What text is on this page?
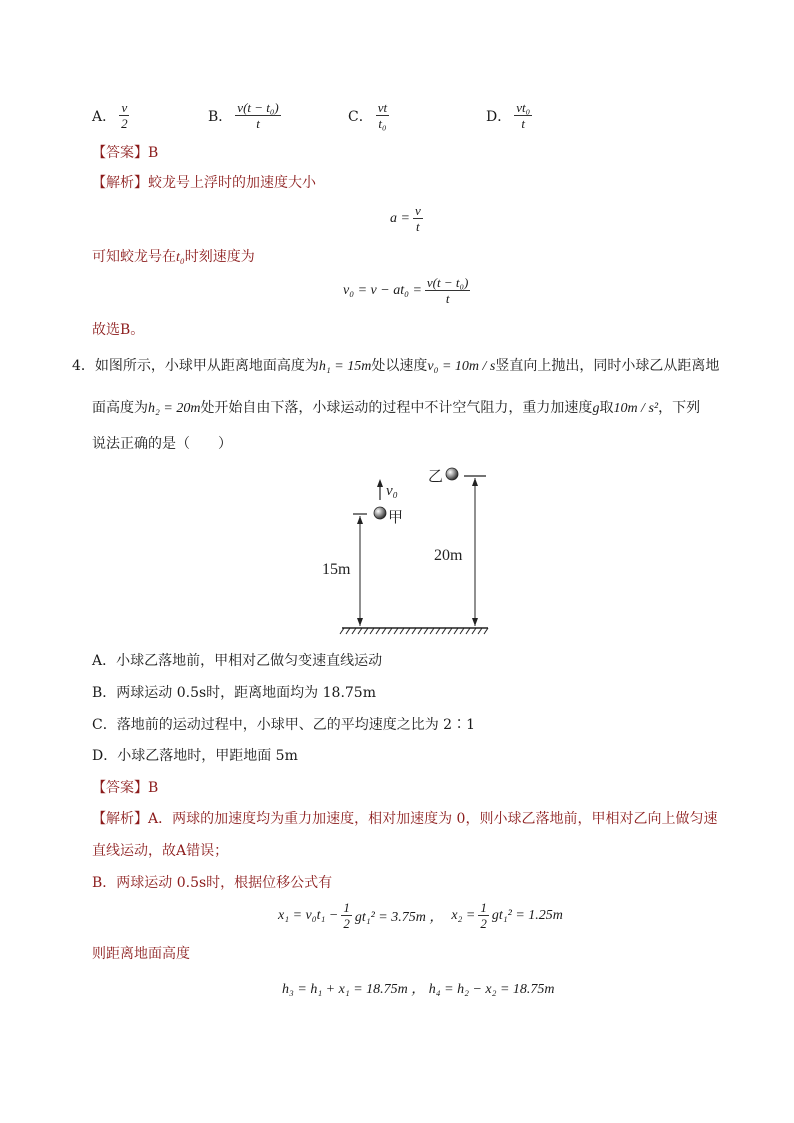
A． $\frac{v}{2}$	B． $\frac{\text{v(t − t₀)}}{t}$	C． $\frac{vt}{\text{t₀}}$	D． $\frac{\text{vt₀}}{t}$
【答案】B
【解析】蛟龙号上浮时的加速度大小
$a = \frac{v}{t}$
可知蛟龙号在t₀时刻速度为
$v_0 = v - at_0 = \frac{\text{v(t − t₀)}}{t}$
故选B。
4．如图所示，小球甲从距离地面高度为h₁ = 15m处以速度v₀ = 10m / s竖直向上抛出，同时小球乙从距离地
面高度为h₂ = 20m处开始自由下落，小球运动的过程中不计空气阻力，重力加速度g取10m / s²，下列
说法正确的是（　　）
乙
甲
v₀
15m
20m
A．小球乙落地前，甲相对乙做匀变速直线运动
B．两球运动 0.5s时，距离地面均为 18.75m
C．落地前的运动过程中，小球甲、乙的平均速度之比为 2∶1
D．小球乙落地时，甲距地面 5m
【答案】B
【解析】A．两球的加速度均为重力加速度，相对加速度为 0，则小球乙落地前，甲相对乙向上做匀速
直线运动，故A错误；
B．两球运动 0.5s时，根据位移公式有
$x_1 = v_0t_1 - \frac{1}{2} gt_1^2 = 3.75m$ ， $x_2 = \frac{1}{2} gt_1^2 = 1.25m$
则距离地面高度
h₃ = h₁ + x₁ = 18.75m ， h₄ = h₂ − x₂ = 18.75m
